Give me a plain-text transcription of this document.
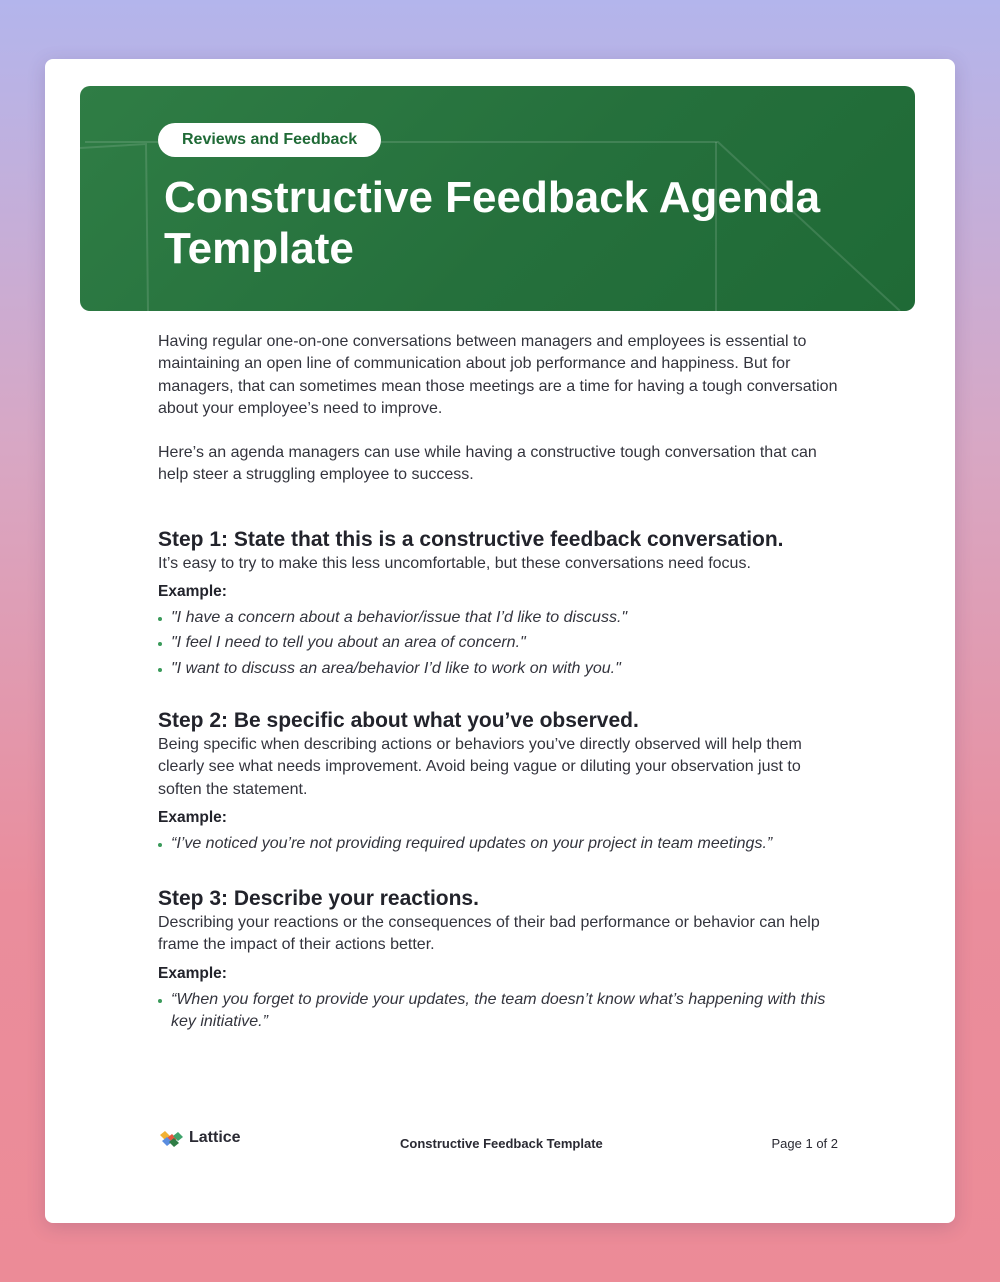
Reviews and Feedback
Constructive Feedback Agenda Template

Having regular one-on-one conversations between managers and employees is essential to maintaining an open line of communication about job performance and happiness. But for managers, that can sometimes mean those meetings are a time for having a tough conversation about your employee’s need to improve.

Here’s an agenda managers can use while having a constructive tough conversation that can help steer a struggling employee to success.

Step 1: State that this is a constructive feedback conversation.

It’s easy to try to make this less uncomfortable, but these conversations need focus.

Example:
"I have a concern about a behavior/issue that I’d like to discuss."
"I feel I need to tell you about an area of concern."
"I want to discuss an area/behavior I’d like to work on with you."
Step 2: Be specific about what you’ve observed.

Being specific when describing actions or behaviors you’ve directly observed will help them clearly see what needs improvement. Avoid being vague or diluting your observation just to soften the statement.

Example:
“I’ve noticed you’re not providing required updates on your project in team meetings.”
Step 3: Describe your reactions.

Describing your reactions or the consequences of their bad performance or behavior can help frame the impact of their actions better.

Example:
“When you forget to provide your updates, the team doesn’t know what’s happening with this key initiative.”
Lattice	Constructive Feedback Template	Page 1 of 2
